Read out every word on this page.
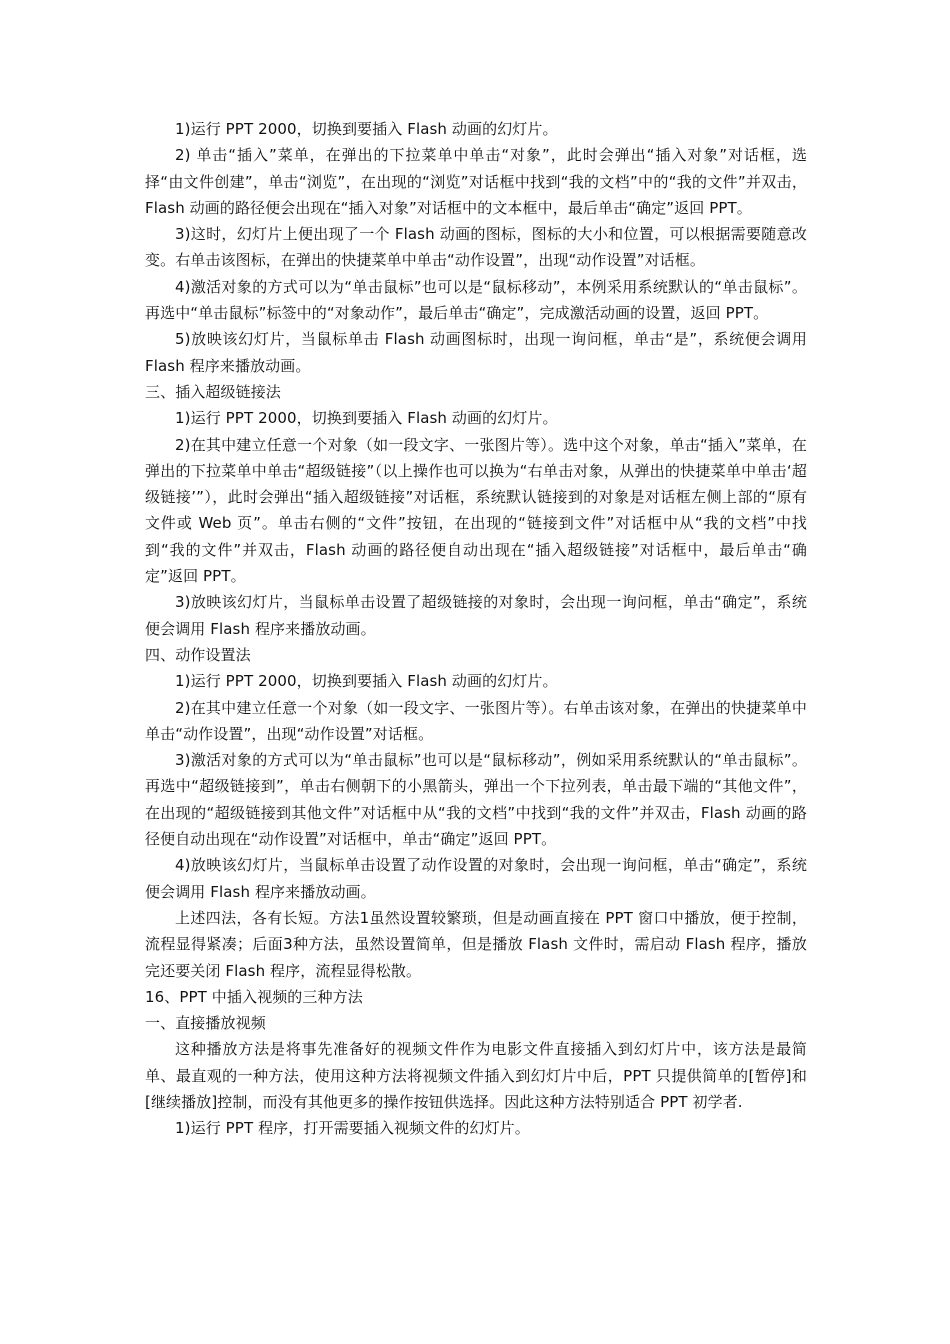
1)运行 PPT 2000，切换到要插入 Flash 动画的幻灯片。

2) 单击“插入”菜单，在弹出的下拉菜单中单击“对象”，此时会弹出“插入对象”对话框，选择“由文件创建”，单击“浏览”，在出现的“浏览”对话框中找到“我的文档”中的“我的文件”并双击，Flash 动画的路径便会出现在“插入对象”对话框中的文本框中，最后单击“确定”返回 PPT。

3)这时，幻灯片上便出现了一个 Flash 动画的图标，图标的大小和位置，可以根据需要随意改变。右单击该图标，在弹出的快捷菜单中单击“动作设置”，出现“动作设置”对话框。

4)激活对象的方式可以为“单击鼠标”也可以是“鼠标移动”，本例采用系统默认的“单击鼠标”。再选中“单击鼠标”标签中的“对象动作”，最后单击“确定”，完成激活动画的设置，返回 PPT。

5)放映该幻灯片，当鼠标单击 Flash 动画图标时，出现一询问框，单击“是”，系统便会调用 Flash 程序来播放动画。

三、插入超级链接法

1)运行 PPT 2000，切换到要插入 Flash 动画的幻灯片。

2)在其中建立任意一个对象（如一段文字、一张图片等）。选中这个对象，单击“插入”菜单，在弹出的下拉菜单中单击“超级链接”（以上操作也可以换为“右单击对象，从弹出的快捷菜单中单击‘超级链接’”），此时会弹出“插入超级链接”对话框，系统默认链接到的对象是对话框左侧上部的“原有文件或 Web 页”。单击右侧的“文件”按钮，在出现的“链接到文件”对话框中从“我的文档”中找到“我的文件”并双击，Flash 动画的路径便自动出现在“插入超级链接”对话框中，最后单击“确定”返回 PPT。

3)放映该幻灯片，当鼠标单击设置了超级链接的对象时，会出现一询问框，单击“确定”，系统便会调用 Flash 程序来播放动画。

四、动作设置法

1)运行 PPT 2000，切换到要插入 Flash 动画的幻灯片。

2)在其中建立任意一个对象（如一段文字、一张图片等）。右单击该对象，在弹出的快捷菜单中单击“动作设置”，出现“动作设置”对话框。

3)激活对象的方式可以为“单击鼠标”也可以是“鼠标移动”，例如采用系统默认的“单击鼠标”。再选中“超级链接到”，单击右侧朝下的小黑箭头，弹出一个下拉列表，单击最下端的“其他文件”，在出现的“超级链接到其他文件”对话框中从“我的文档”中找到“我的文件”并双击，Flash 动画的路径便自动出现在“动作设置”对话框中，单击“确定”返回 PPT。

4)放映该幻灯片，当鼠标单击设置了动作设置的对象时，会出现一询问框，单击“确定”，系统便会调用 Flash 程序来播放动画。

上述四法，各有长短。方法1虽然设置较繁琐，但是动画直接在 PPT 窗口中播放，便于控制，流程显得紧凑；后面3种方法，虽然设置简单，但是播放 Flash 文件时，需启动 Flash 程序，播放完还要关闭 Flash 程序，流程显得松散。

16、PPT 中插入视频的三种方法

一、直接播放视频

这种播放方法是将事先准备好的视频文件作为电影文件直接插入到幻灯片中，该方法是最简单、最直观的一种方法，使用这种方法将视频文件插入到幻灯片中后，PPT 只提供简单的[暂停]和[继续播放]控制，而没有其他更多的操作按钮供选择。因此这种方法特别适合 PPT 初学者.

1)运行 PPT 程序，打开需要插入视频文件的幻灯片。
